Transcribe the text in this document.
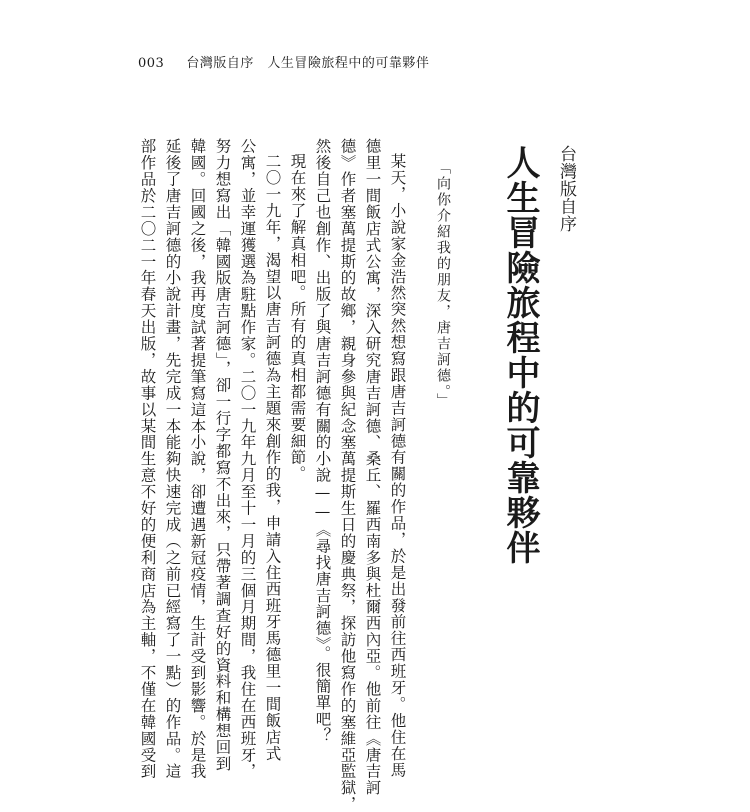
003 台灣版自序　人生冒險旅程中的可靠夥伴
台灣版自序
人生冒險旅程中的可靠夥伴
「向你介紹我的朋友，唐吉訶德。」
某天，小說家金浩然突然想寫跟唐吉訶德有關的作品，於是出發前往西班牙。他住在馬
德里一間飯店式公寓，深入研究唐吉訶德、桑丘、羅西南多與杜爾西內亞。他前往《唐吉訶
德》作者塞萬提斯的故鄉，親身參與紀念塞萬提斯生日的慶典祭，探訪他寫作的塞維亞監獄，
然後自己也創作、出版了與唐吉訶德有關的小說——《尋找唐吉訶德》。很簡單吧？
現在來了解真相吧。所有的真相都需要細節。
二〇一九年，渴望以唐吉訶德為主題來創作的我，申請入住西班牙馬德里一間飯店式
公寓，並幸運獲選為駐點作家。二〇一九年九月至十一月的三個月期間，我住在西班牙，
努力想寫出「韓國版唐吉訶德」，卻一行字都寫不出來，只帶著調查好的資料和構想回到
韓國。回國之後，我再度試著提筆寫這本小說，卻遭遇新冠疫情，生計受到影響。於是我
延後了唐吉訶德的小說計畫，先完成一本能夠快速完成（之前已經寫了一點）的作品。這
部作品於二〇二一年春天出版，故事以某間生意不好的便利商店為主軸，不僅在韓國受到
